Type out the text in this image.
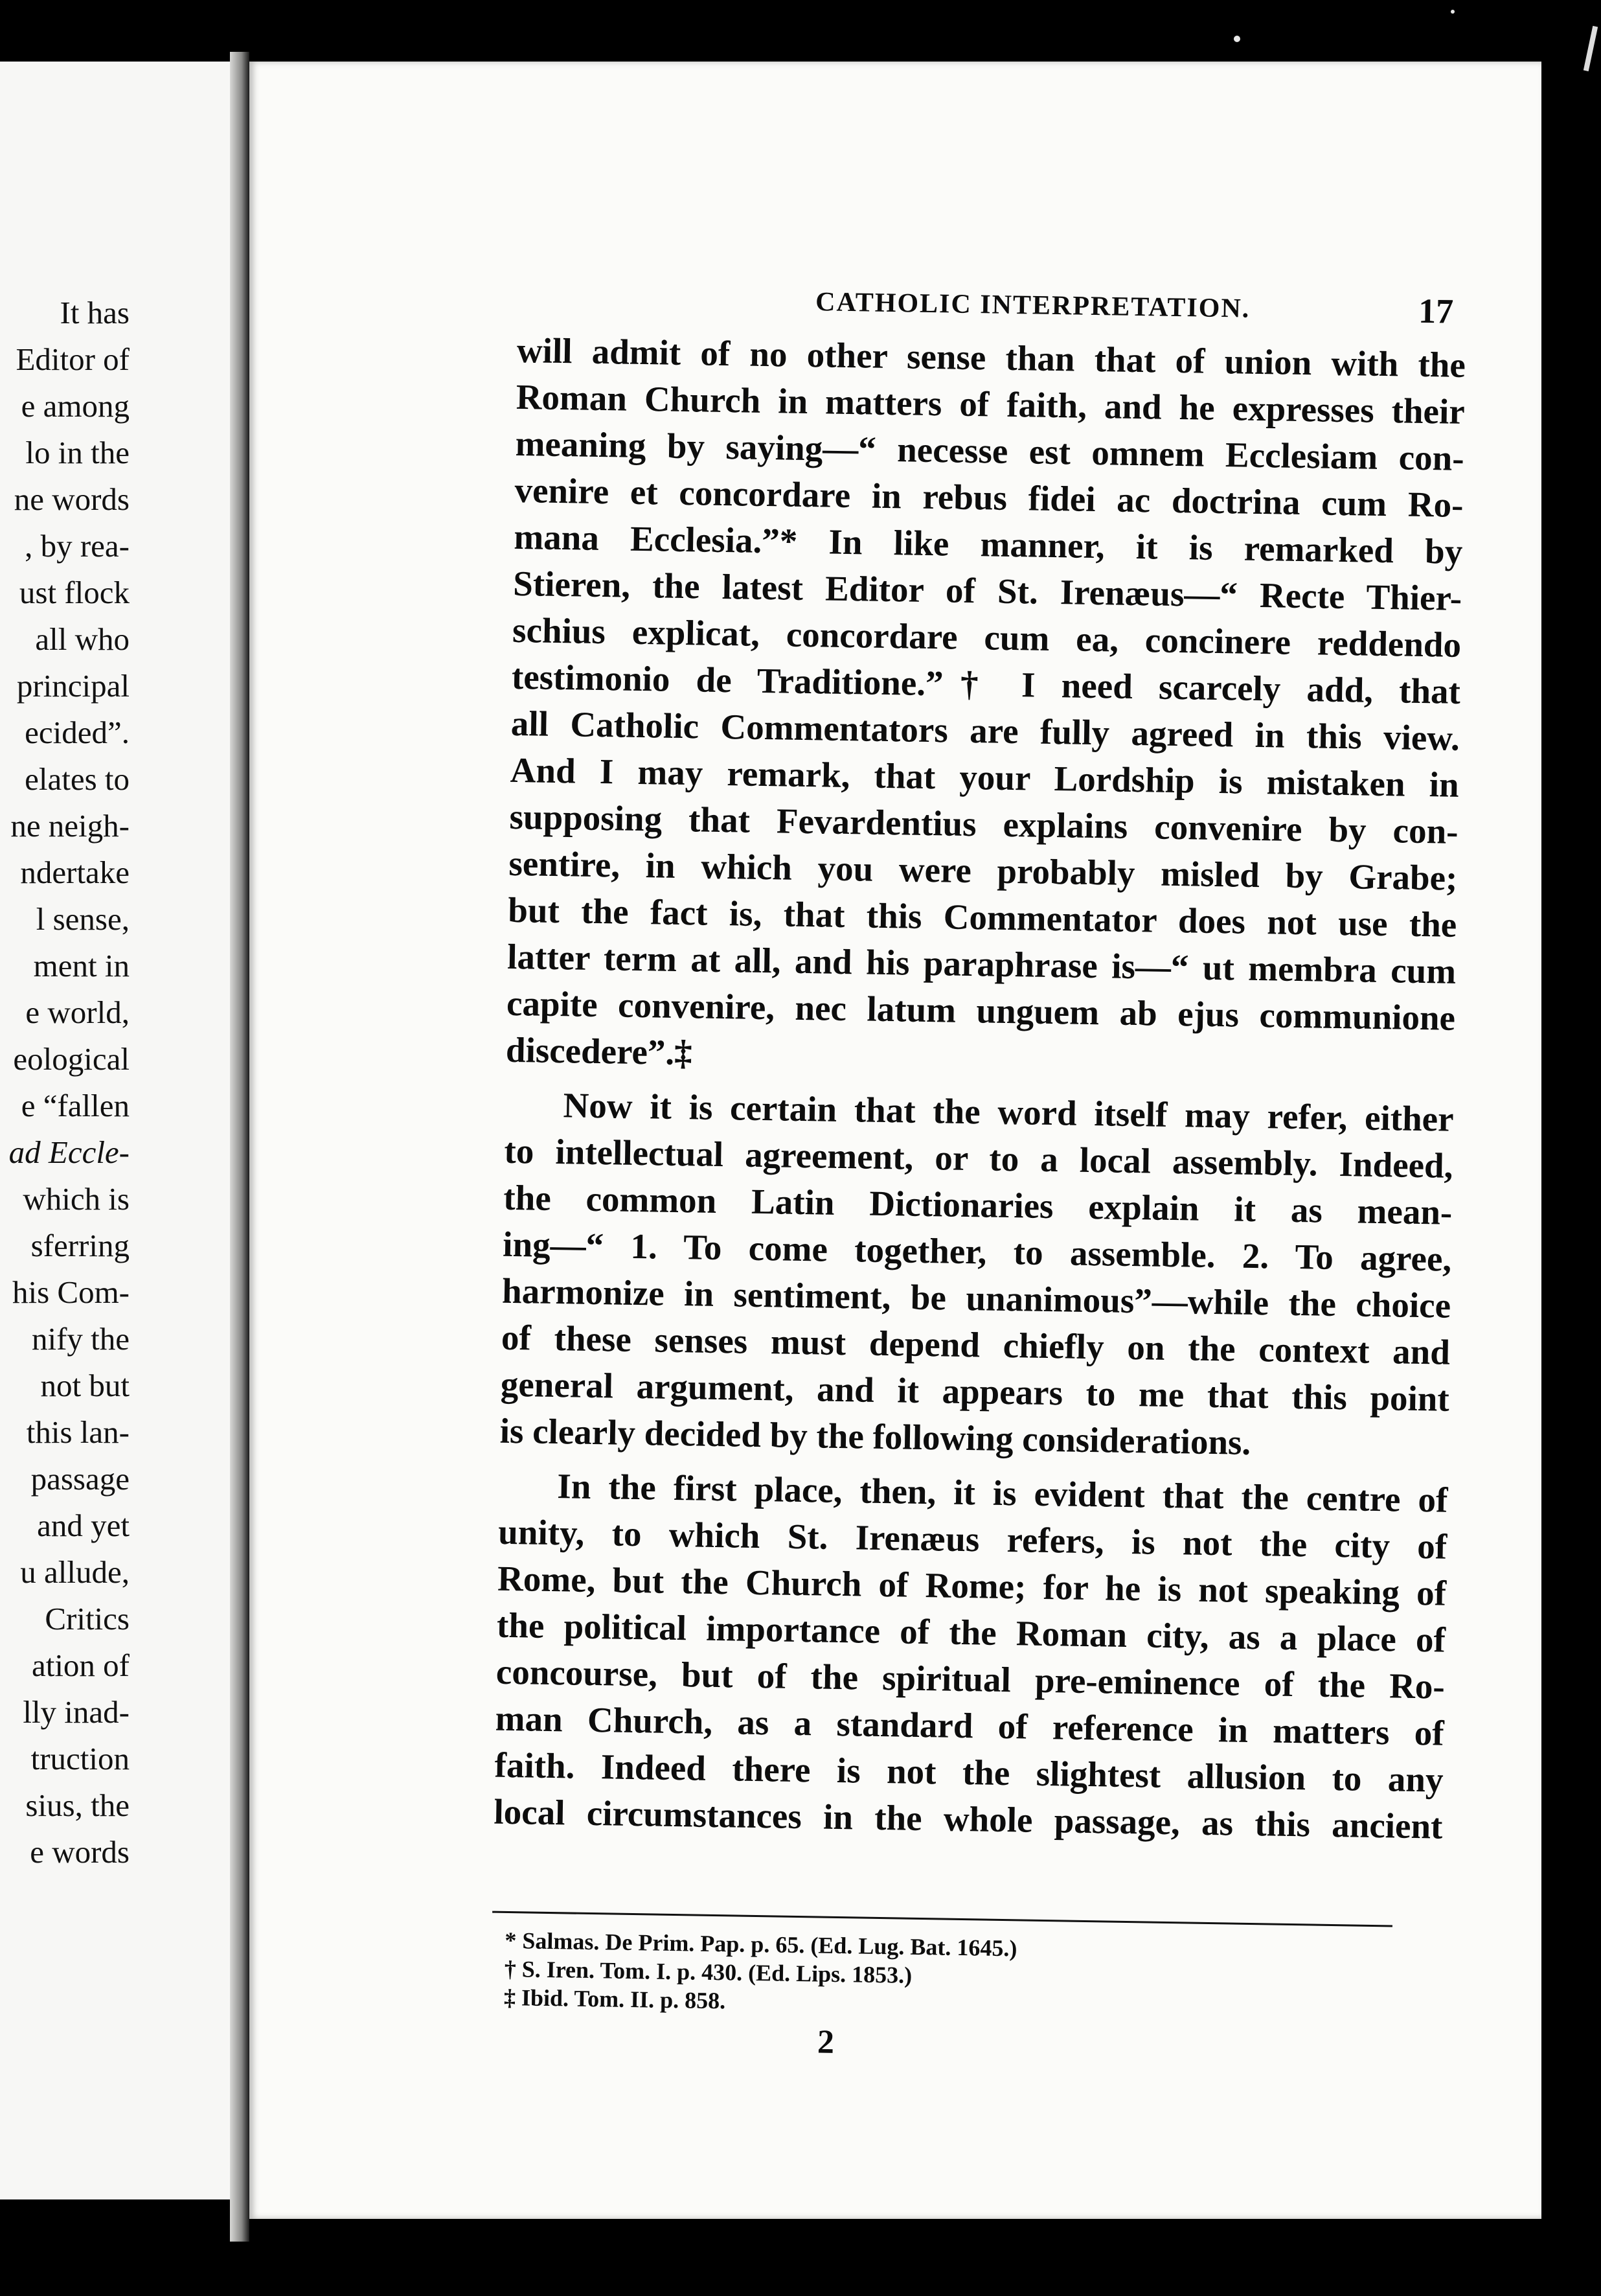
It has
Editor of
e among
lo in the
ne words
, by rea-
ust flock
all who
principal
ecided”.
elates to
ne neigh-
ndertake
l sense,
ment in
e world,
eological
e “fallen
ad Eccle-
which is
sferring
his Com-
nify the
not but
this lan-
passage
and yet
u allude,
Critics
ation of
lly inad-
truction
sius, the
e words
CATHOLIC INTERPRETATION.	17
will admit of no other sense than that of union with the
Roman Church in matters of faith, and he expresses their
meaning by saying—“ necesse est omnem Ecclesiam con-
venire et concordare in rebus fidei ac doctrina cum Ro-
mana Ecclesia.”* In like manner, it is remarked by
Stieren, the latest Editor of St. Irenæus—“ Recte Thier-
schius explicat, concordare cum ea, concinere reddendo
testimonio de Traditione.”† I need scarcely add, that
all Catholic Commentators are fully agreed in this view.
And I may remark, that your Lordship is mistaken in
supposing that Fevardentius explains convenire by con-
sentire, in which you were probably misled by Grabe;
but the fact is, that this Commentator does not use the
latter term at all, and his paraphrase is—“ ut membra cum
capite convenire, nec latum unguem ab ejus communione
discedere”.‡
Now it is certain that the word itself may refer, either
to intellectual agreement, or to a local assembly. Indeed,
the common Latin Dictionaries explain it as mean-
ing—“ 1. To come together, to assemble. 2. To agree,
harmonize in sentiment, be unanimous”—while the choice
of these senses must depend chiefly on the context and
general argument, and it appears to me that this point
is clearly decided by the following considerations.
In the first place, then, it is evident that the centre of
unity, to which St. Irenæus refers, is not the city of
Rome, but the Church of Rome; for he is not speaking of
the political importance of the Roman city, as a place of
concourse, but of the spiritual pre-eminence of the Ro-
man Church, as a standard of reference in matters of
faith. Indeed there is not the slightest allusion to any
local circumstances in the whole passage, as this ancient
* Salmas. De Prim. Pap. p. 65. (Ed. Lug. Bat. 1645.)
† S. Iren. Tom. I. p. 430. (Ed. Lips. 1853.)
‡ Ibid. Tom. II. p. 858.
2
